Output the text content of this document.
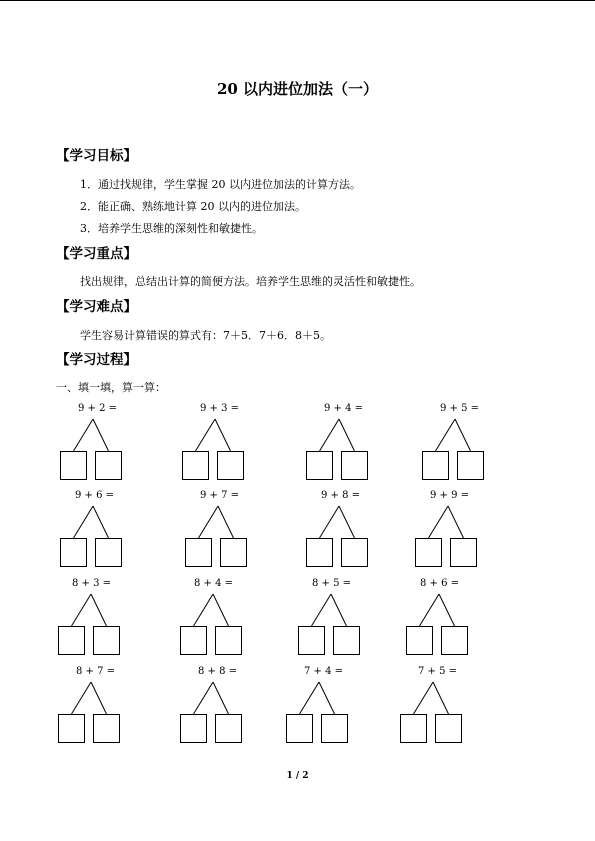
20 以内进位加法（一）
【学习目标】
1．通过找规律，学生掌握 20 以内进位加法的计算方法。
2．能正确、熟练地计算 20 以内的进位加法。
3．培养学生思维的深刻性和敏捷性。
【学习重点】
找出规律，总结出计算的简便方法。培养学生思维的灵活性和敏捷性。
【学习难点】
学生容易计算错误的算式有：7＋5．7＋6．8＋5。
【学习过程】
一、填一填，算一算：
9 + 2 =	9 + 3 =	9 + 4 =	9 + 5 =
9 + 6 =	9 + 7 =	9 + 8 =	9 + 9 =
8 + 3 =	8 + 4 =	8 + 5 =	8 + 6 =
8 + 7 =	8 + 8 =	7 + 4 =	7 + 5 =
1 / 2
